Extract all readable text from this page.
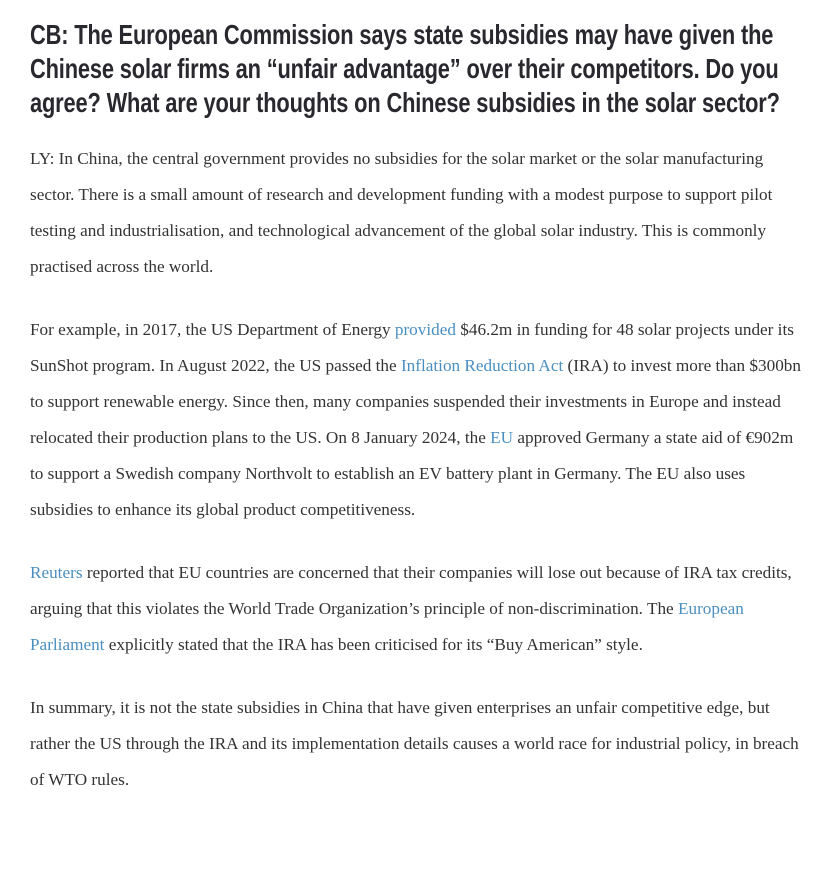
CB: The European Commission says state subsidies may have given the
Chinese solar firms an “unfair advantage” over their competitors. Do you
agree? What are your thoughts on Chinese subsidies in the solar sector?

LY: In China, the central government provides no subsidies for the solar market or the solar manufacturing sector. There is a small amount of research and development funding with a modest purpose to support pilot testing and industrialisation, and technological advancement of the global solar industry. This is commonly practised across the world.

For example, in 2017, the US Department of Energy provided $46.2m in funding for 48 solar projects under its SunShot program. In August 2022, the US passed the Inflation Reduction Act (IRA) to invest more than $300bn to support renewable energy. Since then, many companies suspended their investments in Europe and instead relocated their production plans to the US. On 8 January 2024, the EU approved Germany a state aid of €902m to support a Swedish company Northvolt to establish an EV battery plant in Germany. The EU also uses subsidies to enhance its global product competitiveness.

Reuters reported that EU countries are concerned that their companies will lose out because of IRA tax credits, arguing that this violates the World Trade Organization’s principle of non-discrimination. The European Parliament explicitly stated that the IRA has been criticised for its “Buy American” style.

In summary, it is not the state subsidies in China that have given enterprises an unfair competitive edge, but rather the US through the IRA and its implementation details causes a world race for industrial policy, in breach of WTO rules.
